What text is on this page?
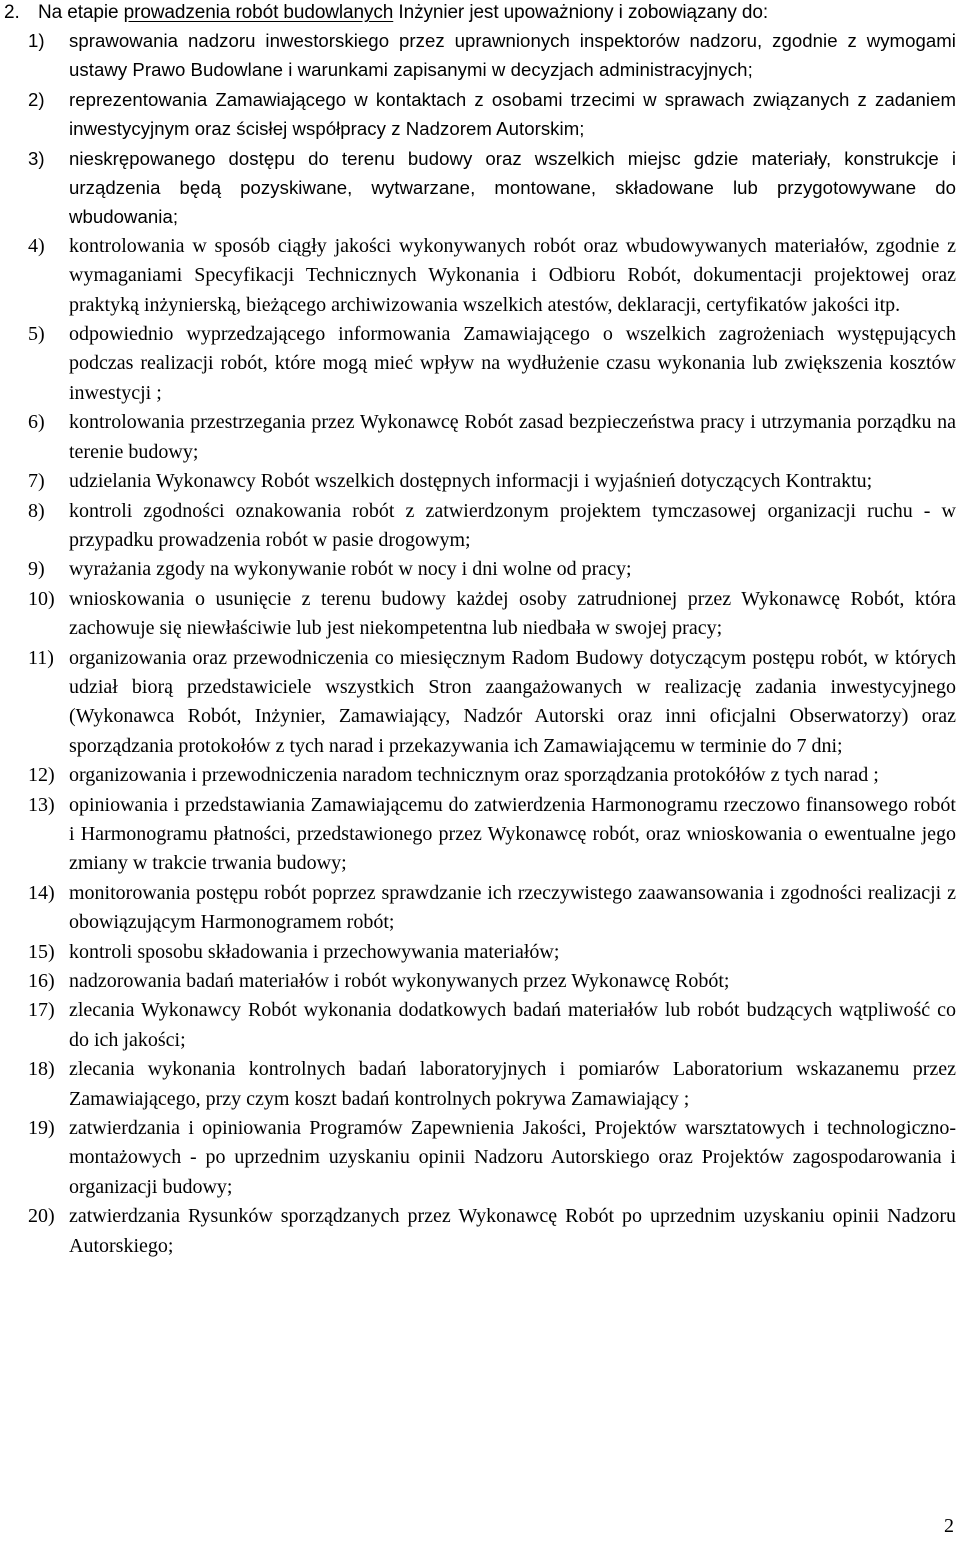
2. Na etapie prowadzenia robót budowlanych Inżynier jest upoważniony i zobowiązany do:
1) sprawowania nadzoru inwestorskiego przez uprawnionych inspektorów nadzoru, zgodnie z wymogami ustawy Prawo Budowlane i warunkami zapisanymi w decyzjach administracyjnych;
2) reprezentowania Zamawiającego w kontaktach z osobami trzecimi w sprawach związanych z zadaniem inwestycyjnym oraz ścisłej współpracy z Nadzorem Autorskim;
3) nieskrępowanego dostępu do terenu budowy oraz wszelkich miejsc gdzie materiały, konstrukcje i urządzenia będą pozyskiwane, wytwarzane, montowane, składowane lub przygotowywane do wbudowania;
4) kontrolowania w sposób ciągły jakości wykonywanych robót oraz wbudowywanych materiałów, zgodnie z wymaganiami Specyfikacji Technicznych Wykonania i Odbioru Robót, dokumentacji projektowej oraz praktyką inżynierską, bieżącego archiwizowania wszelkich atestów, deklaracji, certyfikatów jakości itp.
5) odpowiednio wyprzedzającego informowania Zamawiającego o wszelkich zagrożeniach występujących podczas realizacji robót, które mogą mieć wpływ na wydłużenie czasu wykonania lub zwiększenia kosztów inwestycji ;
6) kontrolowania przestrzegania przez Wykonawcę Robót zasad bezpieczeństwa pracy i utrzymania porządku na terenie budowy;
7) udzielania Wykonawcy Robót wszelkich dostępnych informacji i wyjaśnień dotyczących Kontraktu;
8) kontroli zgodności oznakowania robót z zatwierdzonym projektem tymczasowej organizacji ruchu - w przypadku prowadzenia robót w pasie drogowym;
9) wyrażania zgody na wykonywanie robót w nocy i dni wolne od pracy;
10) wnioskowania o usunięcie z terenu budowy każdej osoby zatrudnionej przez Wykonawcę Robót, która zachowuje się niewłaściwie lub jest niekompetentna lub niedbała w swojej pracy;
11) organizowania oraz przewodniczenia co miesięcznym Radom Budowy dotyczącym postępu robót, w których udział biorą przedstawiciele wszystkich Stron zaangażowanych w realizację zadania inwestycyjnego (Wykonawca Robót, Inżynier, Zamawiający, Nadzór Autorski oraz inni oficjalni Obserwatorzy) oraz sporządzania protokołów z tych narad i przekazywania ich Zamawiającemu w terminie do 7 dni;
12) organizowania i przewodniczenia naradom technicznym oraz sporządzania protokółów z tych narad ;
13) opiniowania i przedstawiania Zamawiającemu do zatwierdzenia Harmonogramu rzeczowo finansowego robót i Harmonogramu płatności, przedstawionego przez Wykonawcę robót, oraz wnioskowania o ewentualne jego zmiany w trakcie trwania budowy;
14) monitorowania postępu robót poprzez sprawdzanie ich rzeczywistego zaawansowania i zgodności realizacji z obowiązującym Harmonogramem robót;
15) kontroli sposobu składowania i przechowywania materiałów;
16) nadzorowania badań materiałów i robót wykonywanych przez Wykonawcę Robót;
17) zlecania Wykonawcy Robót wykonania dodatkowych badań materiałów lub robót budzących wątpliwość co do ich jakości;
18) zlecania wykonania kontrolnych badań laboratoryjnych i pomiarów Laboratorium wskazanemu przez Zamawiającego, przy czym koszt badań kontrolnych pokrywa Zamawiający ;
19) zatwierdzania i opiniowania Programów Zapewnienia Jakości, Projektów warsztatowych i technologiczno-montażowych - po uprzednim uzyskaniu opinii Nadzoru Autorskiego oraz Projektów zagospodarowania i organizacji budowy;
20) zatwierdzania Rysunków sporządzanych przez Wykonawcę Robót po uprzednim uzyskaniu opinii Nadzoru Autorskiego;
2
